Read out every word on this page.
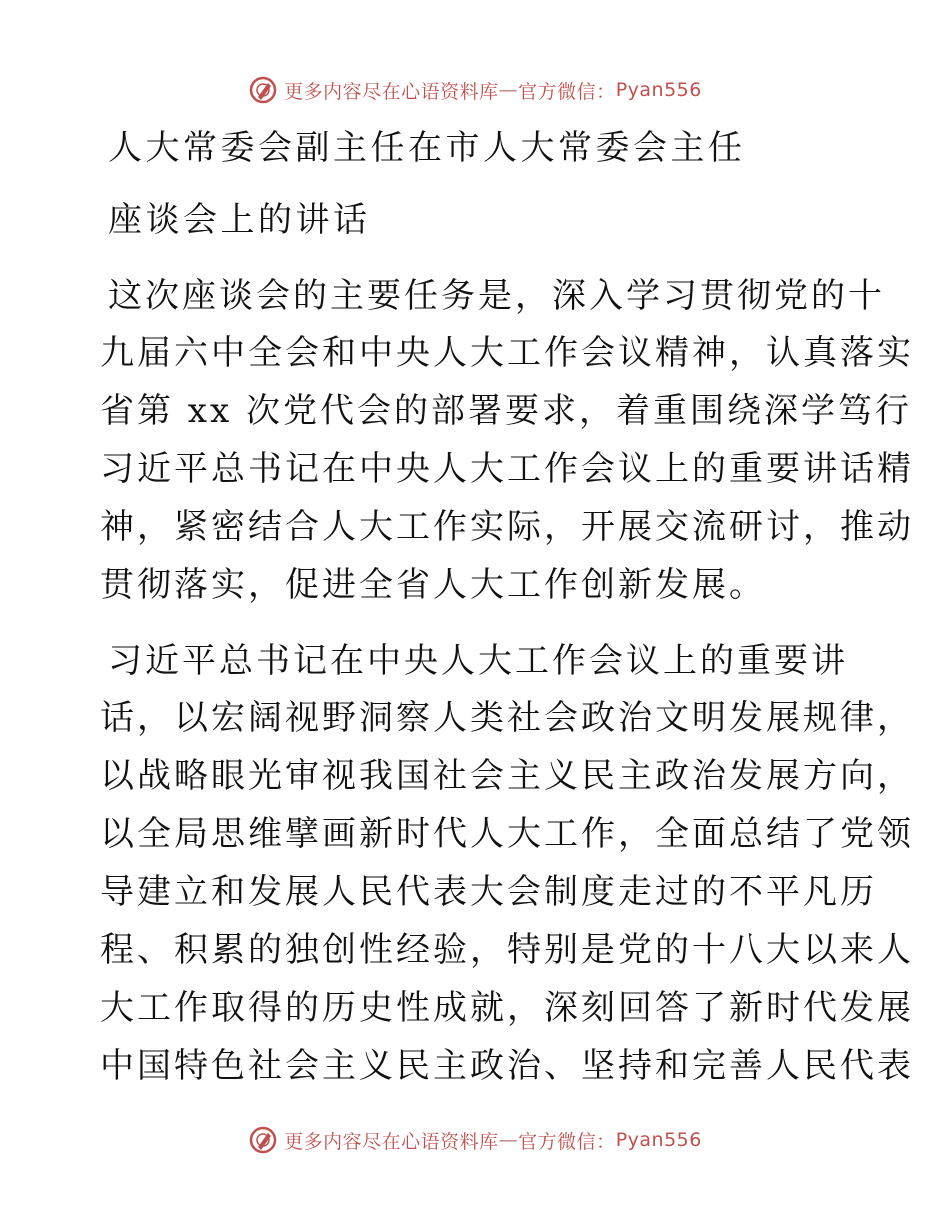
更多内容尽在心语资料库 — 官方微信： Pyan556
人大常委会副主任在市人大常委会主任
座谈会上的讲话
这次座谈会的主要任务是，深入学习贯彻党的十
九届六中全会和中央人大工作会议精神，认真落实
省第 xx 次党代会的部署要求，着重围绕深学笃行
习近平总书记在中央人大工作会议上的重要讲话精
神，紧密结合人大工作实际，开展交流研讨，推动
贯彻落实，促进全省人大工作创新发展。
习近平总书记在中央人大工作会议上的重要讲
话，以宏阔视野洞察人类社会政治文明发展规律，
以战略眼光审视我国社会主义民主政治发展方向，
以全局思维擘画新时代人大工作，全面总结了党领
导建立和发展人民代表大会制度走过的不平凡历
程、积累的独创性经验，特别是党的十八大以来人
大工作取得的历史性成就，深刻回答了新时代发展
中国特色社会主义民主政治、坚持和完善人民代表
更多内容尽在心语资料库 — 官方微信： Pyan556
